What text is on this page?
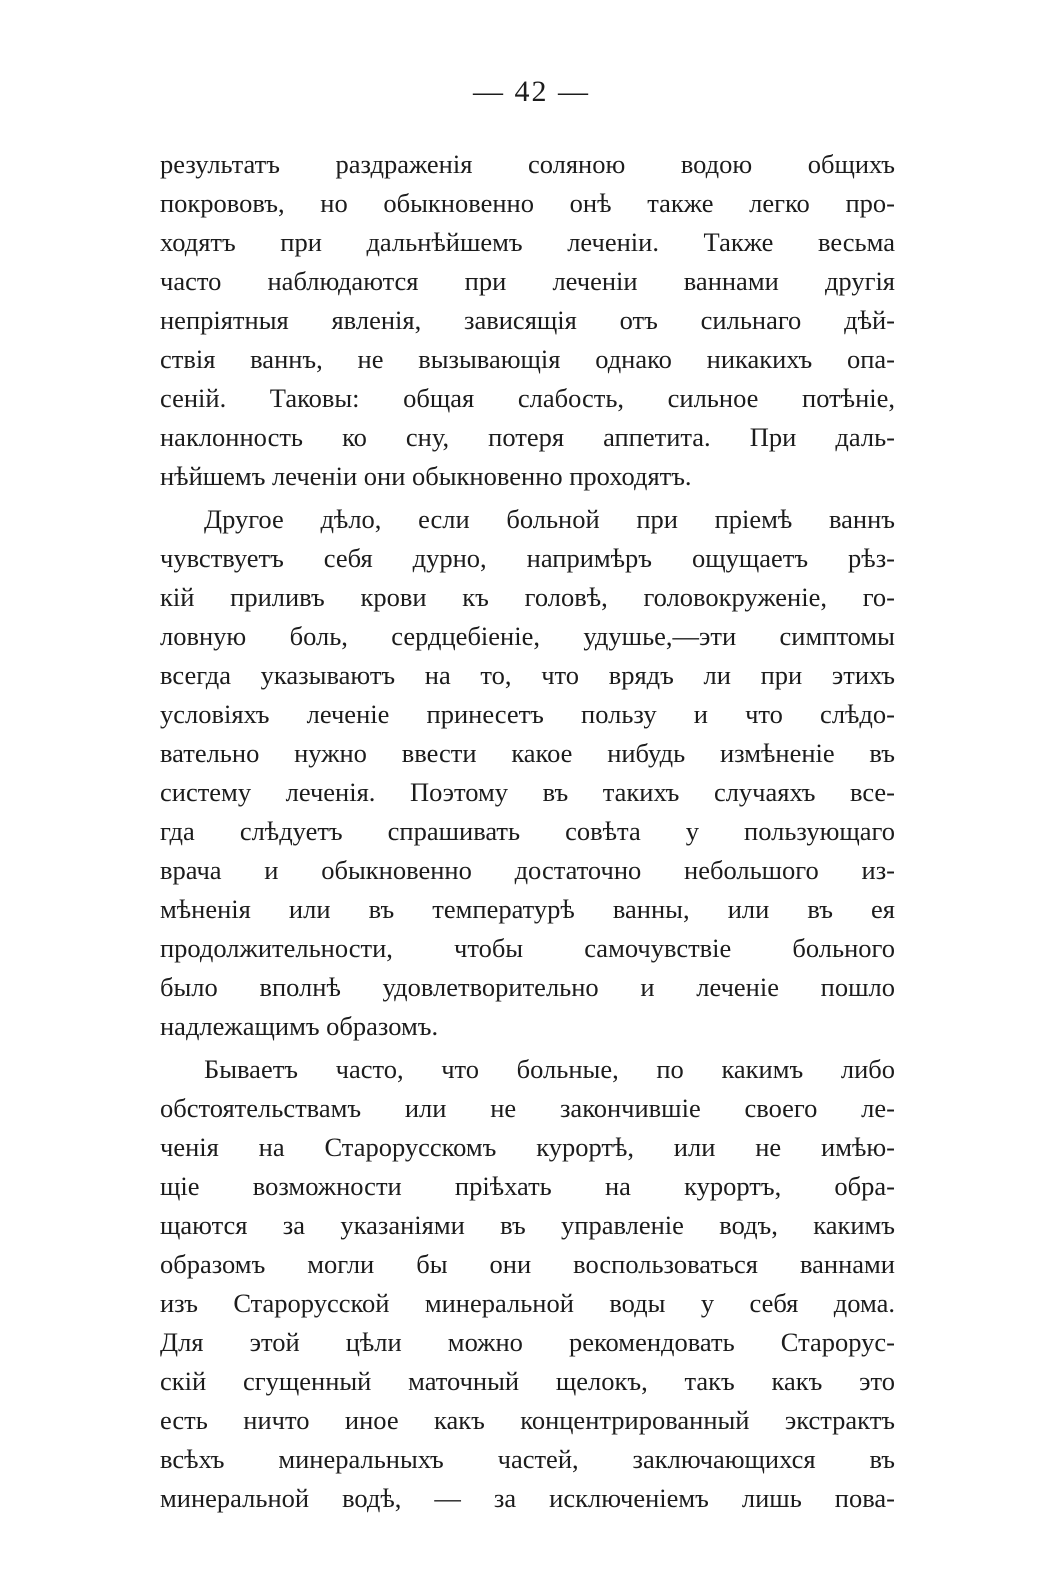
— 42 —
результатъ раздраженія соляною водою общихъ
покрововъ, но обыкновенно онѣ также легко про-
ходятъ при дальнѣйшемъ леченіи. Также весьма
часто наблюдаются при леченіи ваннами другія
непріятныя явленія, зависящія отъ сильнаго дѣй-
ствія ваннъ, не вызывающія однако никакихъ опа-
сеній. Таковы: общая слабость, сильное потѣніе,
наклонность ко сну, потеря аппетита. При даль-
нѣйшемъ леченіи они обыкновенно проходятъ.
Другое дѣло, если больной при пріемѣ ваннъ
чувствуетъ себя дурно, напримѣръ ощущаетъ рѣз-
кій приливъ крови къ головѣ, головокруженіе, го-
ловную боль, сердцебіеніе, удушье,—эти симптомы
всегда указываютъ на то, что врядъ ли при этихъ
условіяхъ леченіе принесетъ пользу и что слѣдо-
вательно нужно ввести какое нибудь измѣненіе въ
систему леченія. Поэтому въ такихъ случаяхъ все-
гда слѣдуетъ спрашивать совѣта у пользующаго
врача и обыкновенно достаточно небольшого из-
мѣненія или въ температурѣ ванны, или въ ея
продолжительности, чтобы самочувствіе больного
было вполнѣ удовлетворительно и леченіе пошло
надлежащимъ образомъ.
Бываетъ часто, что больные, по какимъ либо
обстоятельствамъ или не закончившіе своего ле-
ченія на Старорусскомъ курортѣ, или не имѣю-
щіе возможности пріѣхать на курортъ, обра-
щаются за указаніями въ управленіе водъ, какимъ
образомъ могли бы они воспользоваться ваннами
изъ Старорусской минеральной воды у себя дома.
Для этой цѣли можно рекомендовать Старорус-
скій сгущенный маточный щелокъ, такъ какъ это
есть ничто иное какъ концентрированный экстрактъ
всѣхъ минеральныхъ частей, заключающихся въ
минеральной водѣ, — за исключеніемъ лишь пова-
